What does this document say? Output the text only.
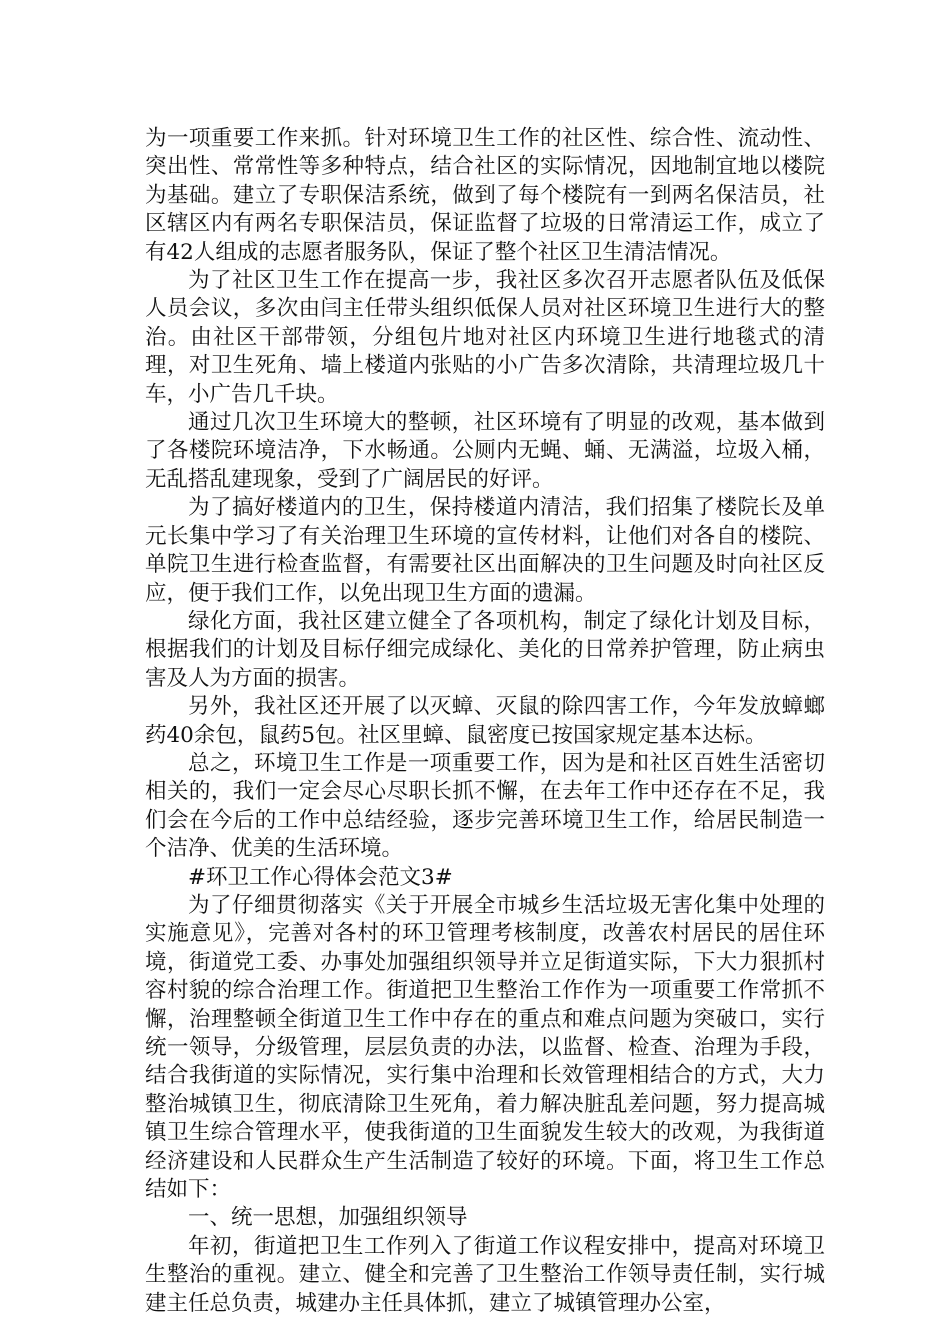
为一项重要工作来抓。针对环境卫生工作的社区性、综合性、流动性、突出性、常常性等多种特点，结合社区的实际情况，因地制宜地以楼院为基础。建立了专职保洁系统，做到了每个楼院有一到两名保洁员，社区辖区内有两名专职保洁员，保证监督了垃圾的日常清运工作，成立了有42人组成的志愿者服务队，保证了整个社区卫生清洁情况。

为了社区卫生工作在提高一步，我社区多次召开志愿者队伍及低保人员会议，多次由闫主任带头组织低保人员对社区环境卫生进行大的整治。由社区干部带领，分组包片地对社区内环境卫生进行地毯式的清理，对卫生死角、墙上楼道内张贴的小广告多次清除，共清理垃圾几十车，小广告几千块。

通过几次卫生环境大的整顿，社区环境有了明显的改观，基本做到了各楼院环境洁净，下水畅通。公厕内无蝇、蛹、无满溢，垃圾入桶，无乱搭乱建现象，受到了广阔居民的好评。

为了搞好楼道内的卫生，保持楼道内清洁，我们招集了楼院长及单元长集中学习了有关治理卫生环境的宣传材料，让他们对各自的楼院、单院卫生进行检查监督，有需要社区出面解决的卫生问题及时向社区反应，便于我们工作，以免出现卫生方面的遗漏。

绿化方面，我社区建立健全了各项机构，制定了绿化计划及目标，根据我们的计划及目标仔细完成绿化、美化的日常养护管理，防止病虫害及人为方面的损害。

另外，我社区还开展了以灭蟑、灭鼠的除四害工作，今年发放蟑螂药40余包，鼠药5包。社区里蟑、鼠密度已按国家规定基本达标。

总之，环境卫生工作是一项重要工作，因为是和社区百姓生活密切相关的，我们一定会尽心尽职长抓不懈，在去年工作中还存在不足，我们会在今后的工作中总结经验，逐步完善环境卫生工作，给居民制造一个洁净、优美的生活环境。

#环卫工作心得体会范文3#

为了仔细贯彻落实《关于开展全市城乡生活垃圾无害化集中处理的实施意见》，完善对各村的环卫管理考核制度，改善农村居民的居住环境，街道党工委、办事处加强组织领导并立足街道实际，下大力狠抓村容村貌的综合治理工作。街道把卫生整治工作作为一项重要工作常抓不懈，治理整顿全街道卫生工作中存在的重点和难点问题为突破口，实行统一领导，分级管理，层层负责的办法，以监督、检查、治理为手段，结合我街道的实际情况，实行集中治理和长效管理相结合的方式，大力整治城镇卫生，彻底清除卫生死角，着力解决脏乱差问题，努力提高城镇卫生综合管理水平，使我街道的卫生面貌发生较大的改观，为我街道经济建设和人民群众生产生活制造了较好的环境。下面，将卫生工作总结如下：

一、统一思想，加强组织领导

年初，街道把卫生工作列入了街道工作议程安排中，提高对环境卫生整治的重视。建立、健全和完善了卫生整治工作领导责任制，实行城建主任总负责，城建办主任具体抓，建立了城镇管理办公室，
